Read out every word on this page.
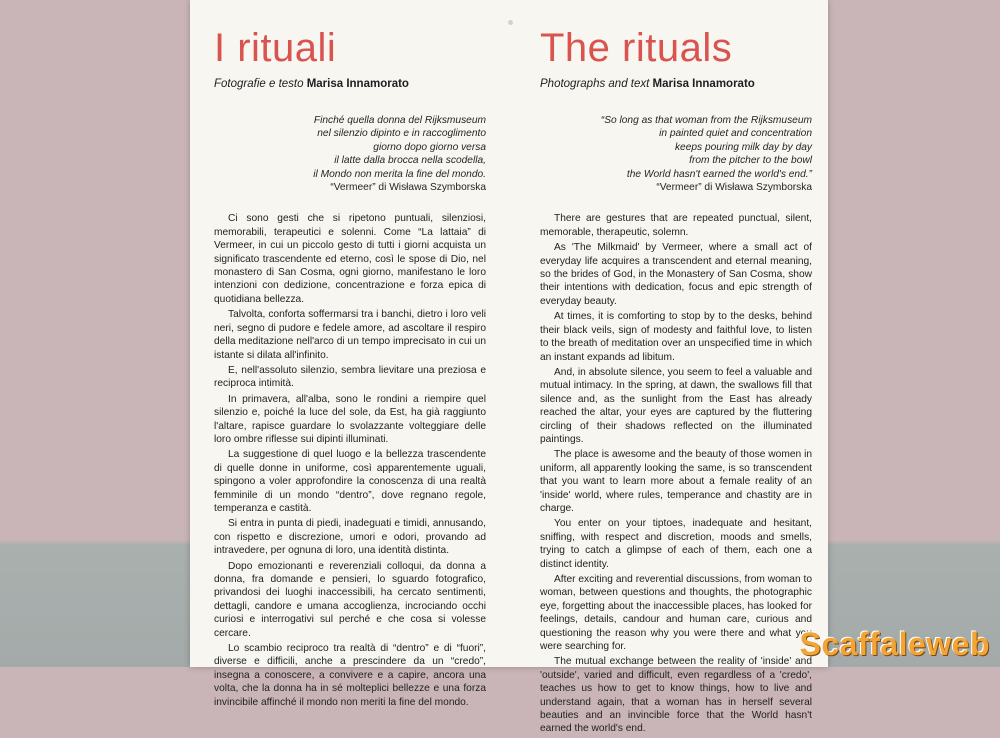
I rituali
Fotografie e testo Marisa Innamorato
Finché quella donna del Rijksmuseum
nel silenzio dipinto e in raccoglimento
giorno dopo giorno versa
il latte dalla brocca nella scodella,
il Mondo non merita la fine del mondo.
“Vermeer” di Wisława Szymborska

Ci sono gesti che si ripetono puntuali, silenziosi, memorabili, terapeutici e solenni. Come “La lattaia” di Vermeer, in cui un piccolo gesto di tutti i giorni acquista un significato trascendente ed eterno, così le spose di Dio, nel monastero di San Cosma, ogni giorno, manifestano le loro intenzioni con dedizione, concentrazione e forza epica di quotidiana bellezza.

Talvolta, conforta soffermarsi tra i banchi, dietro i loro veli neri, segno di pudore e fedele amore, ad ascoltare il respiro della meditazione nell'arco di un tempo imprecisato in cui un istante si dilata all'infinito.

E, nell'assoluto silenzio, sembra lievitare una preziosa e reciproca intimità.

In primavera, all'alba, sono le rondini a riempire quel silenzio e, poiché la luce del sole, da Est, ha già raggiunto l'altare, rapisce guardare lo svolazzante volteggiare delle loro ombre riflesse sui dipinti illuminati.

La suggestione di quel luogo e la bellezza trascendente di quelle donne in uniforme, così apparentemente uguali, spingono a voler approfondire la conoscenza di una realtà femminile di un mondo “dentro”, dove regnano regole, temperanza e castità.

Si entra in punta di piedi, inadeguati e timidi, annusando, con rispetto e discrezione, umori e odori, provando ad intravedere, per ognuna di loro, una identità distinta.

Dopo emozionanti e reverenziali colloqui, da donna a donna, fra domande e pensieri, lo sguardo fotografico, privandosi dei luoghi inaccessibili, ha cercato sentimenti, dettagli, candore e umana accoglienza, incrociando occhi curiosi e interrogativi sul perché e che cosa si volesse cercare.

Lo scambio reciproco tra realtà di “dentro” e di “fuori”, diverse e difficili, anche a prescindere da un “credo”, insegna a conoscere, a convivere e a capire, ancora una volta, che la donna ha in sé molteplici bellezze e una forza invincibile affinché il mondo non meriti la fine del mondo.

The rituals
Photographs and text Marisa Innamorato
“So long as that woman from the Rijksmuseum
in painted quiet and concentration
keeps pouring milk day by day
from the pitcher to the bowl
the World hasn't earned the world's end.”
“Vermeer” di Wisława Szymborska

There are gestures that are repeated punctual, silent, memorable, therapeutic, solemn.

As 'The Milkmaid' by Vermeer, where a small act of everyday life acquires a transcendent and eternal meaning, so the brides of God, in the Monastery of San Cosma, show their intentions with dedication, focus and epic strength of everyday beauty.

At times, it is comforting to stop by to the desks, behind their black veils, sign of modesty and faithful love, to listen to the breath of meditation over an unspecified time in which an instant expands ad libitum.

And, in absolute silence, you seem to feel a valuable and mutual intimacy. In the spring, at dawn, the swallows fill that silence and, as the sunlight from the East has already reached the altar, your eyes are captured by the fluttering circling of their shadows reflected on the illuminated paintings.

The place is awesome and the beauty of those women in uniform, all apparently looking the same, is so transcendent that you want to learn more about a female reality of an 'inside' world, where rules, temperance and chastity are in charge.

You enter on your tiptoes, inadequate and hesitant, sniffing, with respect and discretion, moods and smells, trying to catch a glimpse of each of them, each one a distinct identity.

After exciting and reverential discussions, from woman to woman, between questions and thoughts, the photographic eye, forgetting about the inaccessible places, has looked for feelings, details, candour and human care, curious and questioning the reason why you were there and what you were searching for.

The mutual exchange between the reality of 'inside' and 'outside', varied and difficult, even regardless of a 'credo', teaches us how to get to know things, how to live and understand again, that a woman has in herself several beauties and an invincible force that the World hasn't earned the world's end.

Scaffaleweb
